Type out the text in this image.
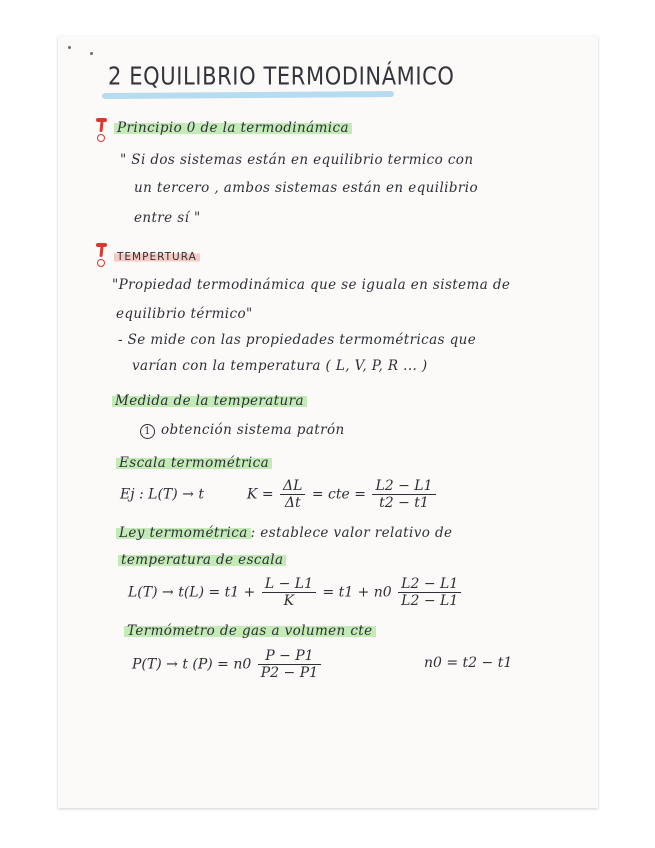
2 EQUILIBRIO TERMODINÁMICO
Principio 0 de la termodinámica
" Si dos sistemas están en equilibrio termico con
un tercero , ambos sistemas están en equilibrio
entre sí "
TEMPERTURA
"Propiedad termodinámica que se iguala en sistema de
equilibrio térmico"
- Se mide con las propiedades termométricas que
varían con la temperatura ( L, V, P, R ... )
Medida de la temperatura
1 obtención sistema patrón
Escala termométrica
Ej : L(T) → t	$K = \frac{\Delta L}{\Delta t}$ = cte = $\frac{L2 - L1}{t2 - t1}$
Ley termométrica : establece valor relativo de
temperatura de escala
$L(T) \to t(L) = t1 + \frac{L - L1}{K} = t1 + n0 \frac{L2 - L1}{L2 - L1}$
Termómetro de gas a volumen cte
P(T) → t $(P) = n0 \frac{P - P1}{P2 - P1}$	n0 = t2 − t1
